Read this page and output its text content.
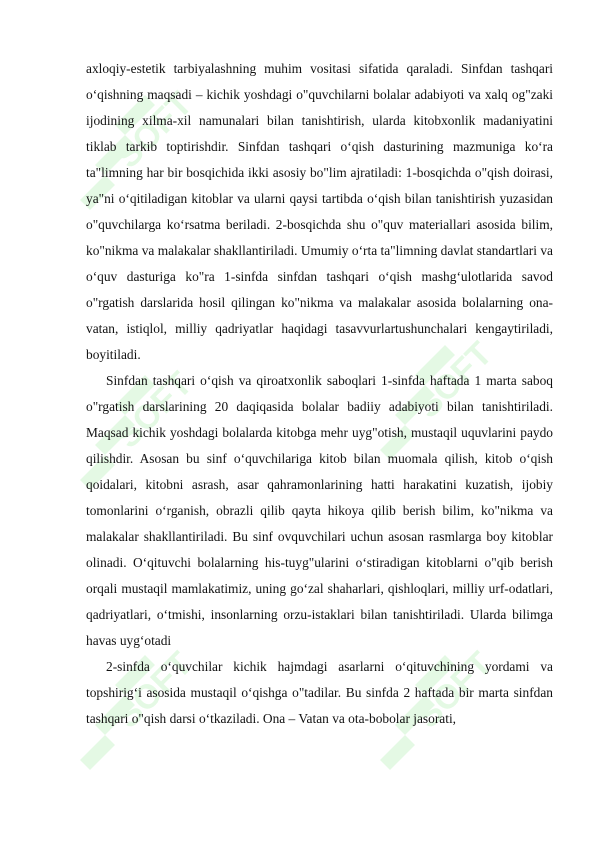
SOFT
SOFT
SOFT
SOFT
SOFT

axloqiy-estetik tarbiyalashning muhim vositasi sifatida qaraladi. Sinfdan tashqari o‘qishning maqsadi – kichik yoshdagi o"quvchilarni bolalar adabiyoti va xalq og"zaki ijodining xilma-xil namunalari bilan tanishtirish, ularda kitobxonlik madaniyatini tiklab tarkib toptirishdir. Sinfdan tashqari o‘qish dasturining mazmuniga ko‘ra ta"limning har bir bosqichida ikki asosiy bo"lim ajratiladi: 1-bosqichda o"qish doirasi, ya"ni o‘qitiladigan kitoblar va ularni qaysi tartibda o‘qish bilan tanishtirish yuzasidan o"quvchilarga ko‘rsatma beriladi. 2-bosqichda shu o"quv materiallari asosida bilim, ko"nikma va malakalar shakllantiriladi. Umumiy o‘rta ta"limning davlat standartlari va o‘quv dasturiga ko"ra 1-sinfda sinfdan tashqari o‘qish mashg‘ulotlarida savod o"rgatish darslarida hosil qilingan ko"nikma va malakalar asosida bolalarning ona-vatan, istiqlol, milliy qadriyatlar haqidagi tasavvurlartushunchalari kengaytiriladi, boyitiladi.

Sinfdan tashqari o‘qish va qiroatxonlik saboqlari 1-sinfda haftada 1 marta saboq o"rgatish darslarining 20 daqiqasida bolalar badiiy adabiyoti bilan tanishtiriladi. Maqsad kichik yoshdagi bolalarda kitobga mehr uyg"otish, mustaqil uquvlarini paydo qilishdir. Asosan bu sinf o‘quvchilariga kitob bilan muomala qilish, kitob o‘qish qoidalari, kitobni asrash, asar qahramonlarining hatti harakatini kuzatish, ijobiy tomonlarini o‘rganish, obrazli qilib qayta hikoya qilib berish bilim, ko"nikma va malakalar shakllantiriladi. Bu sinf ovquvchilari uchun asosan rasmlarga boy kitoblar olinadi. O‘qituvchi bolalarning his-tuyg"ularini o‘stiradigan kitoblarni o"qib berish orqali mustaqil mamlakatimiz, uning go‘zal shaharlari, qishloqlari, milliy urf-odatlari, qadriyatlari, o‘tmishi, insonlarning orzu-istaklari bilan tanishtiriladi. Ularda bilimga havas uyg‘otadi

2-sinfda o‘quvchilar kichik hajmdagi asarlarni o‘qituvchining yordami va topshirig‘i asosida mustaqil o‘qishga o"tadilar. Bu sinfda 2 haftada bir marta sinfdan tashqari o"qish darsi o‘tkaziladi. Ona – Vatan va ota-bobolar jasorati,
